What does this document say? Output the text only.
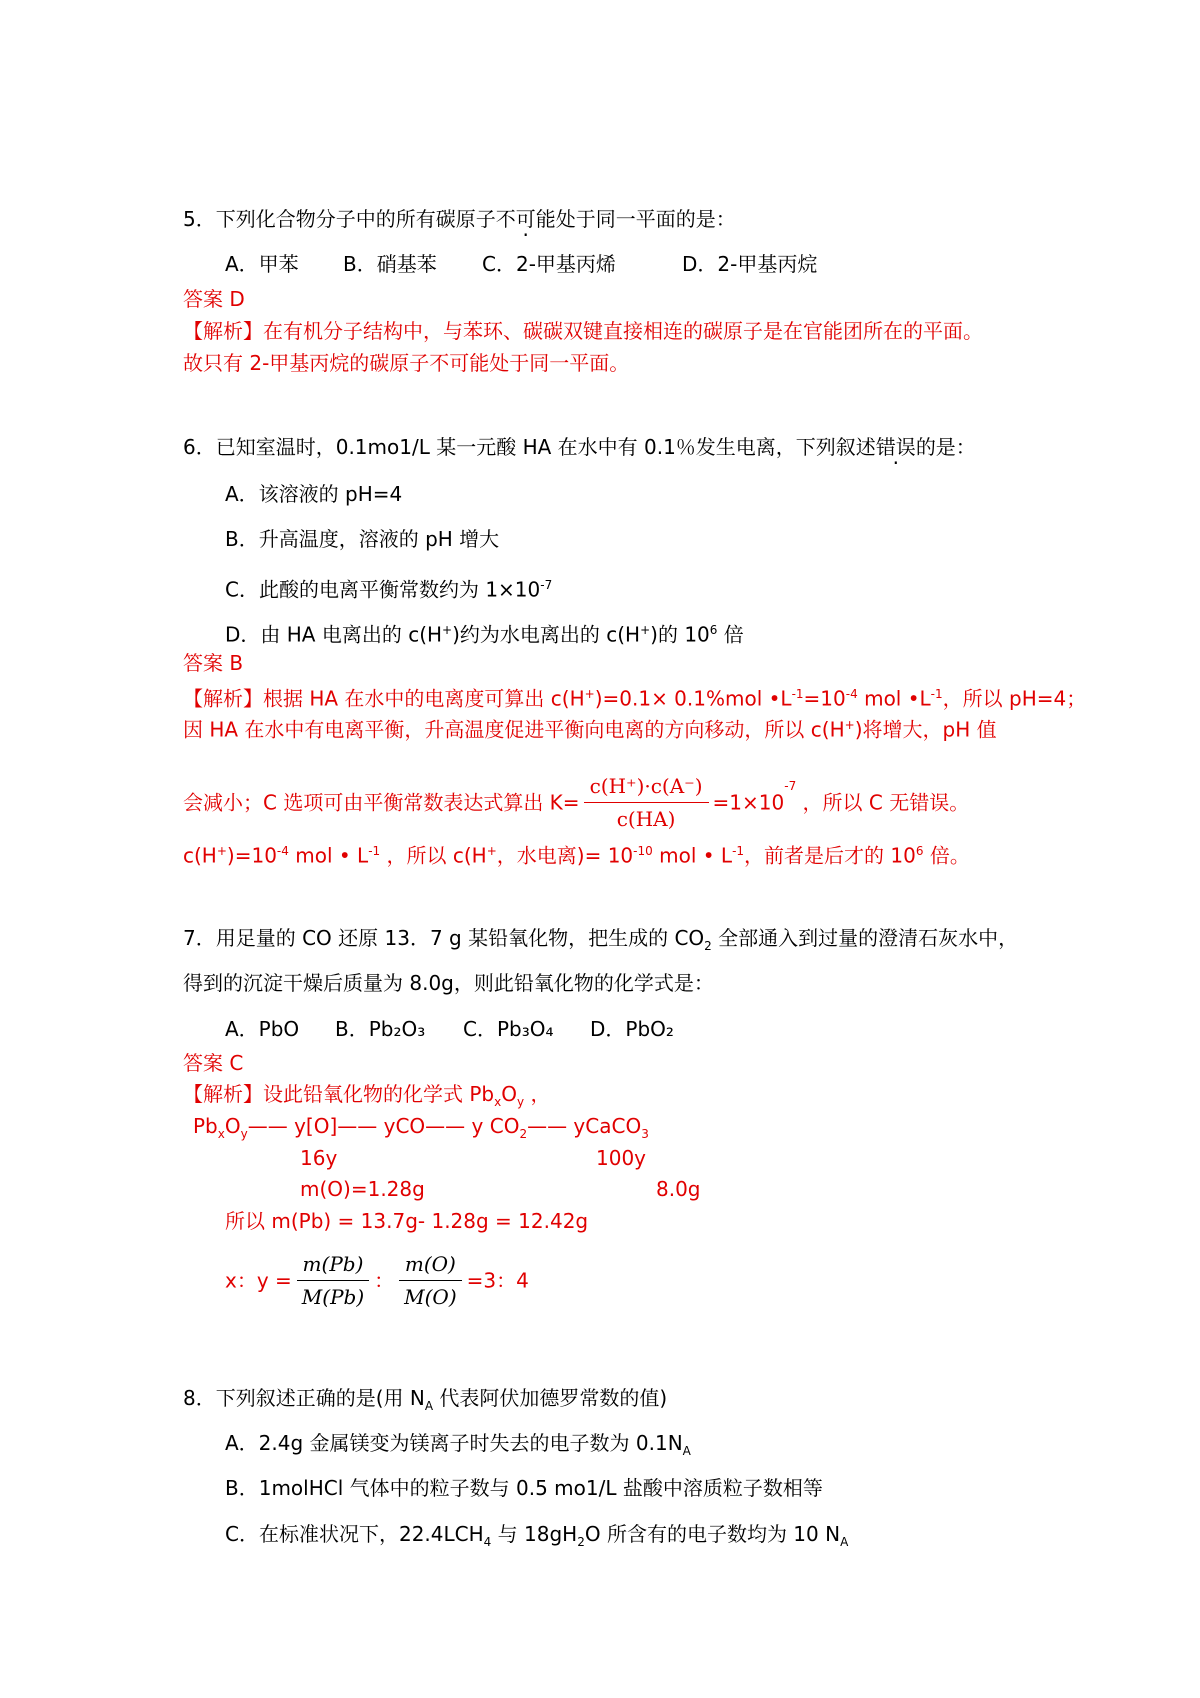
5．下列化合物分子中的所有碳原子不可能处于同一平面的是：
A．甲苯 B．硝基苯 C．2-甲基丙烯	D．2-甲基丙烷
答案 D
【解析】在有机分子结构中，与苯环、碳碳双键直接相连的碳原子是在官能团所在的平面。
故只有 2-甲基丙烷的碳原子不可能处于同一平面。
6．已知室温时，0.1mo1/L 某一元酸 HA 在水中有 0.1％发生电离，下列叙述错误的是：
A．该溶液的 pH=4
B．升高温度，溶液的 pH 增大
C．此酸的电离平衡常数约为 $1\times 10^{-7}$
D．由 HA 电离出的 c(H+)约为水电离出的 c(H+)的 $10^6$ 倍
答案 B
【解析】根据 HA 在水中的电离度可算出 c(H+)=0.1× 0.1%mol $•L^{-1}=10^{-4}$ mol $•L^{-1}$，所以 pH=4；
因 HA 在水中有电离平衡，升高温度促进平衡向电离的方向移动，所以 c(H+)将增大，pH 值
会减小；C 选项可由平衡常数表达式算出 $K= \frac{c(H^+)\cdot c(A^-)}{c(HA)} =1\times 10^{-7}$ ，所以 C 无错误。
$c(H^+)=10^{-4}$ mol • $L^{-1}$ ，所以 c(H+，水电离)= $10^{-10}$ mol • $L^{-1}$，前者是后才的 $10^6$ 倍。
7．用足量的 CO 还原 13．7 g 某铅氧化物，把生成的 $CO_2$ 全部通入到过量的澄清石灰水中，
得到的沉淀干燥后质量为 8.0g，则此铅氧化物的化学式是：
A．PbO B．Pb₂O₃ C．Pb₃O₄ D．PbO₂
答案 C
【解析】设此铅氧化物的化学式 $Pb_xO_y$ ，
$Pb_xO_y——$ y[O]—— yCO—— y $CO_2——$ yCaCO$_3$
16y	100y
m(O)=1.28g	8.0g
所以 m(Pb) = 13.7g- 1.28g = 12.42g
x：$y = \frac{m(Pb)}{M(Pb)}$ ： $\frac{m(O)}{M(O)} =3$：4
8．下列叙述正确的是(用 $N_A$ 代表阿伏加德罗常数的值)
A．2.4g 金属镁变为镁离子时失去的电子数为 $0.1N_A$
B．1molHCl 气体中的粒子数与 0.5 mo1/L 盐酸中溶质粒子数相等
C．在标准状况下，$22.4LCH_4$ 与 $18gH_2O$ 所含有的电子数均为 10 $N_A$
